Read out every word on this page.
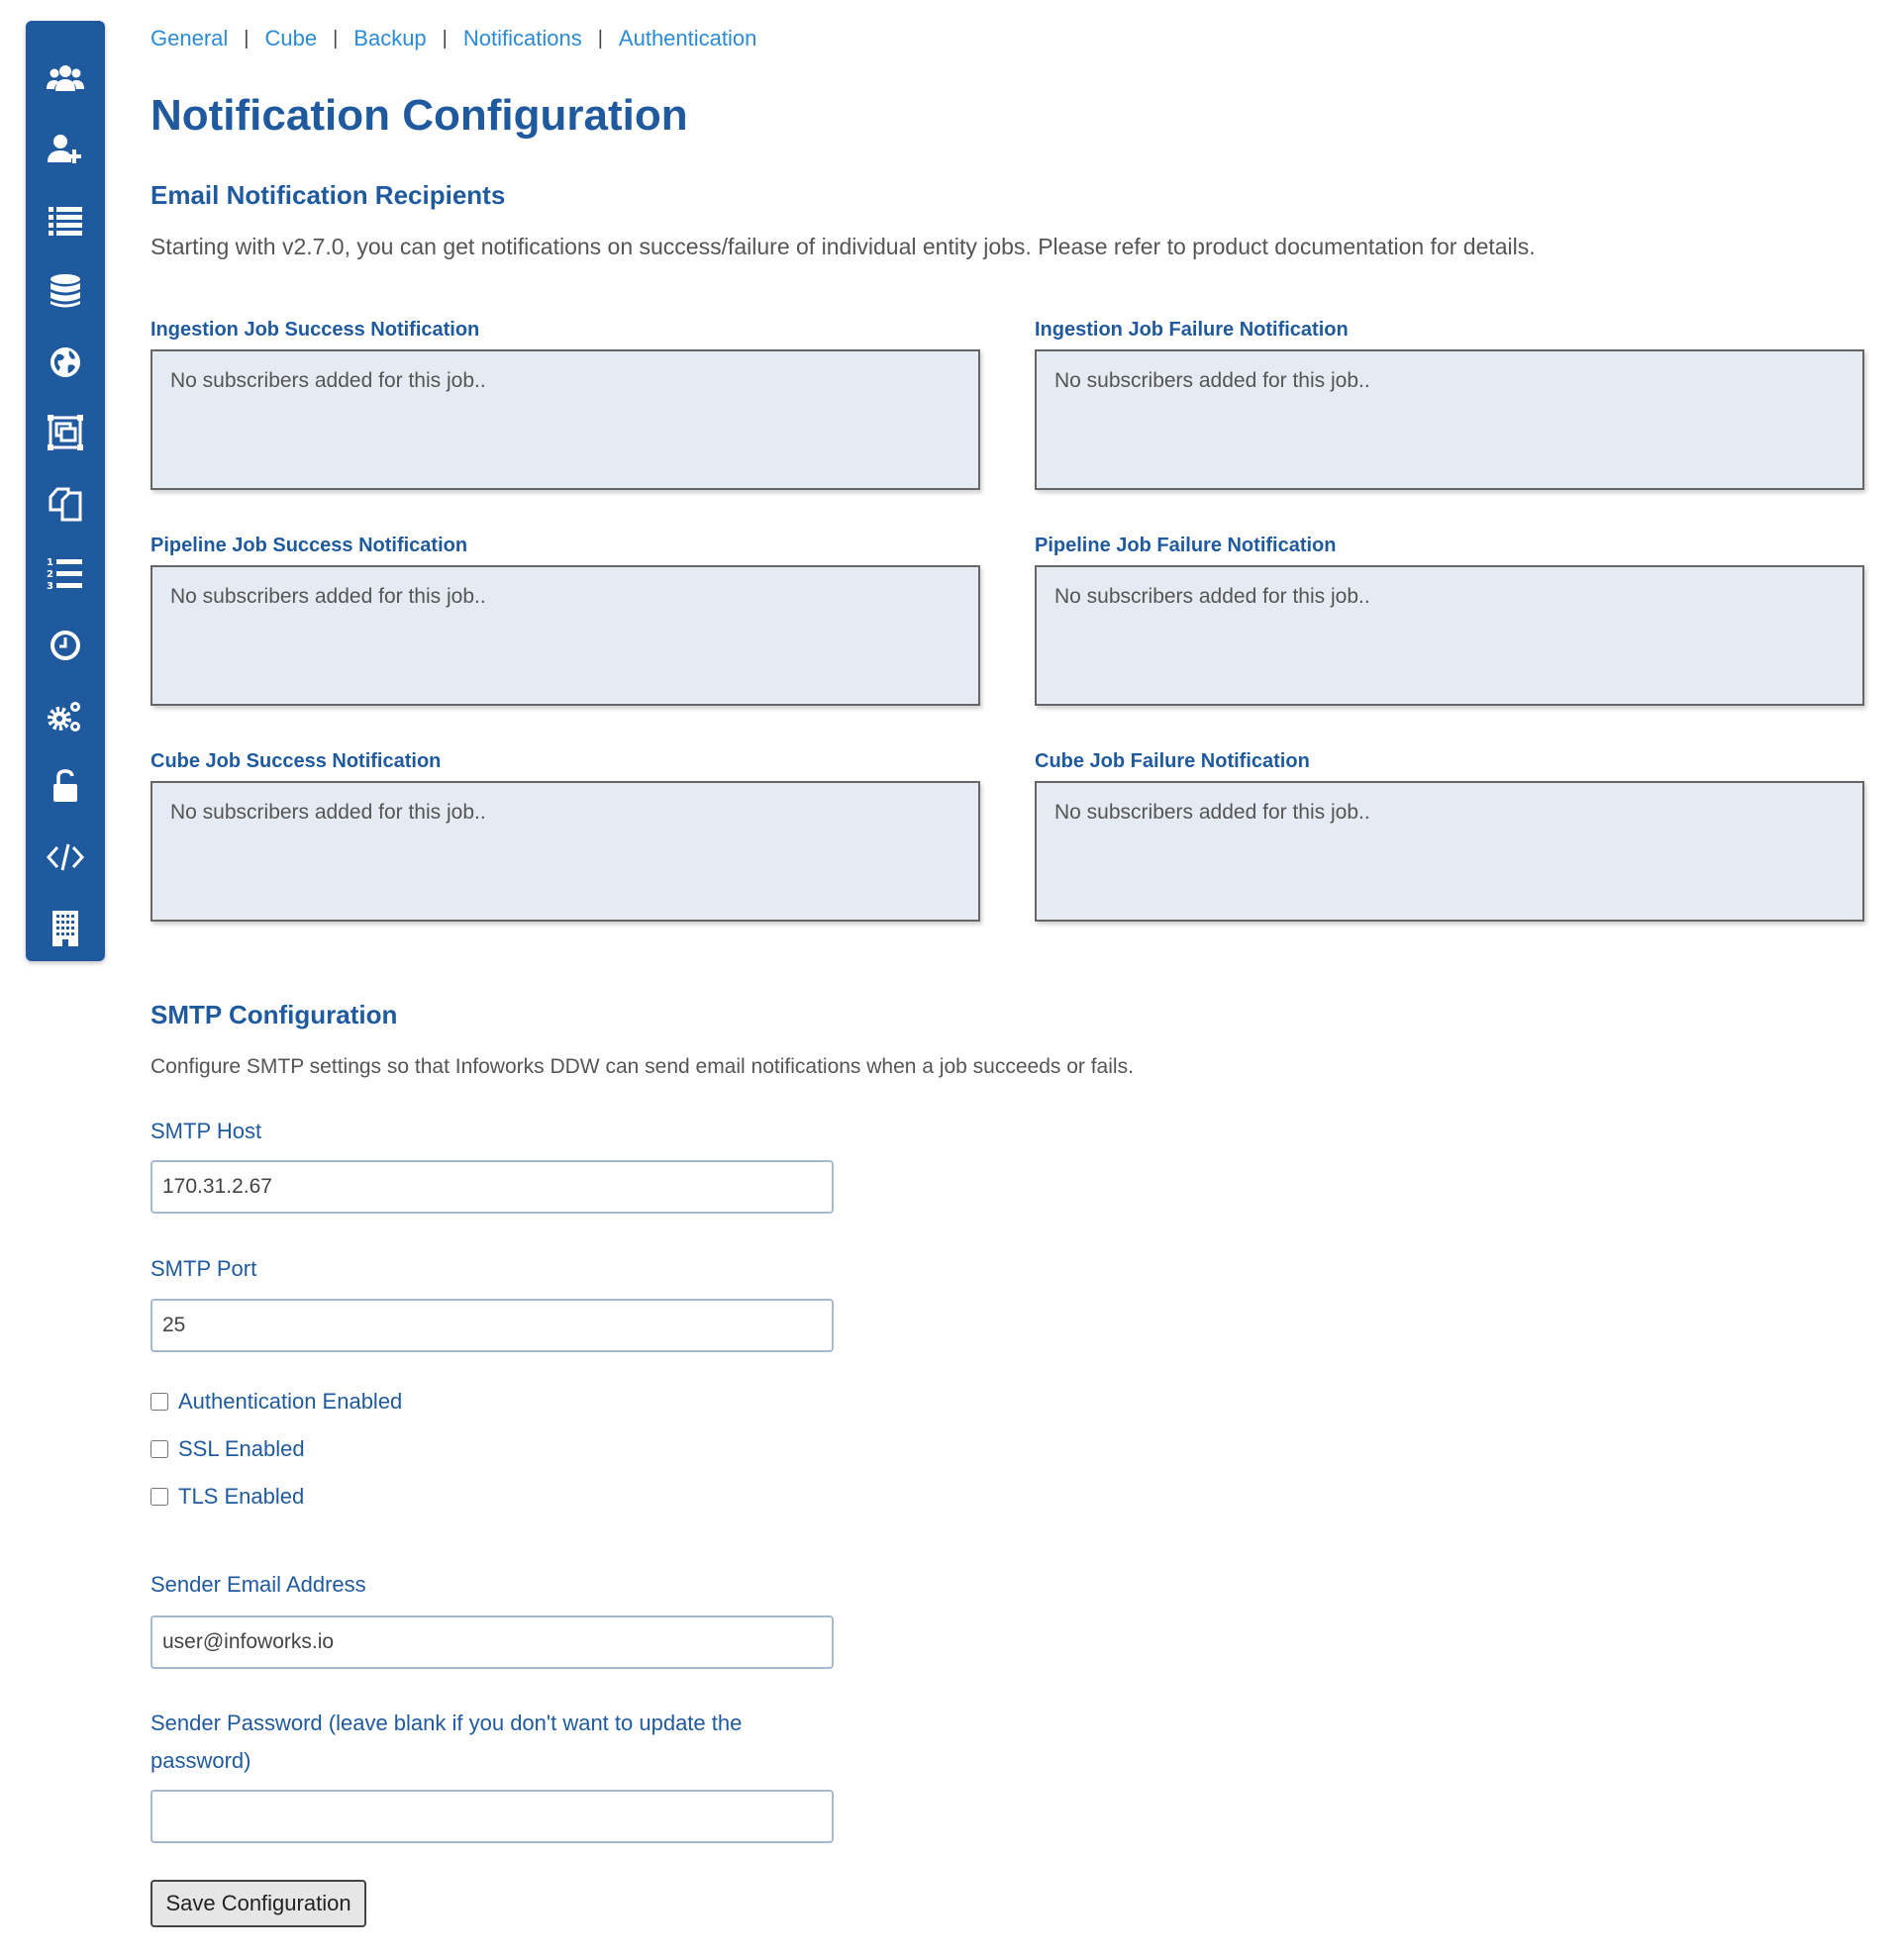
1
2
3
General | Cube | Backup | Notifications | Authentication
Notification Configuration
Email Notification Recipients

Starting with v2.7.0, you can get notifications on success/failure of individual entity jobs. Please refer to product documentation for details.

Ingestion Job Success Notification
No subscribers added for this job..
Ingestion Job Failure Notification
No subscribers added for this job..
Pipeline Job Success Notification
No subscribers added for this job..
Pipeline Job Failure Notification
No subscribers added for this job..
Cube Job Success Notification
No subscribers added for this job..
Cube Job Failure Notification
No subscribers added for this job..
SMTP Configuration

Configure SMTP settings so that Infoworks DDW can send email notifications when a job succeeds or fails.

SMTP Host
170.31.2.67
SMTP Port
25
Authentication Enabled
SSL Enabled
TLS Enabled
Sender Email Address
user@infoworks.io
Sender Password (leave blank if you don't want to update the
password)
Save Configuration
